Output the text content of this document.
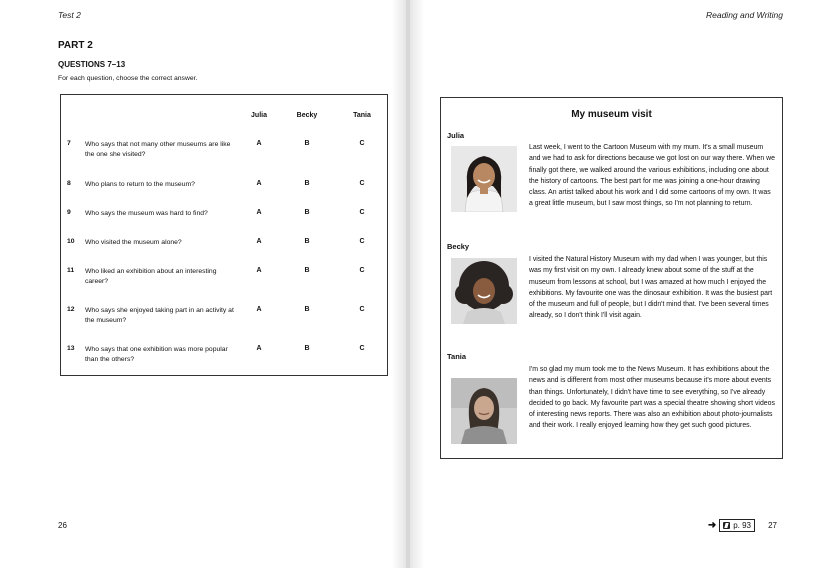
Test 2
PART 2
QUESTIONS 7–13
For each question, choose the correct answer.
Julia	Becky	Tania
7 Who says that not many other museums are like the one she visited?
A	B	C
8 Who plans to return to the museum?	A	B	C
9 Who says the museum was hard to find?	A	B	C
10 Who visited the museum alone?	A	B	C
11 Who liked an exhibition about an interesting career?
A	B	C
12 Who says she enjoyed taking part in an activity at the museum?
A	B	C
13 Who says that one exhibition was more popular than the others?
A	B	C
26
Reading and Writing
My museum visit
Julia
Last week, I went to the Cartoon Museum with my mum. It's a small museum and we had to ask for directions because we got lost on our way there. When we finally got there, we walked around the various exhibitions, including one about the history of cartoons. The best part for me was joining a one-hour drawing class. An artist talked about his work and I did some cartoons of my own. It was a great little museum, but I saw most things, so I'm not planning to return.
Becky
I visited the Natural History Museum with my dad when I was younger, but this was my first visit on my own. I already knew about some of the stuff at the museum from lessons at school, but I was amazed at how much I enjoyed the exhibitions. My favourite one was the dinosaur exhibition. It was the busiest part of the museum and full of people, but I didn't mind that. I've been several times already, so I don't think I'll visit again.
Tania
I'm so glad my mum took me to the News Museum. It has exhibitions about the news and is different from most other museums because it's more about events than things. Unfortunately, I didn't have time to see everything, so I've already decided to go back. My favourite part was a special theatre showing short videos of interesting news reports. There was also an exhibition about photo-journalists and their work. I really enjoyed learning how they get such good pictures.
➜ p. 93 27
